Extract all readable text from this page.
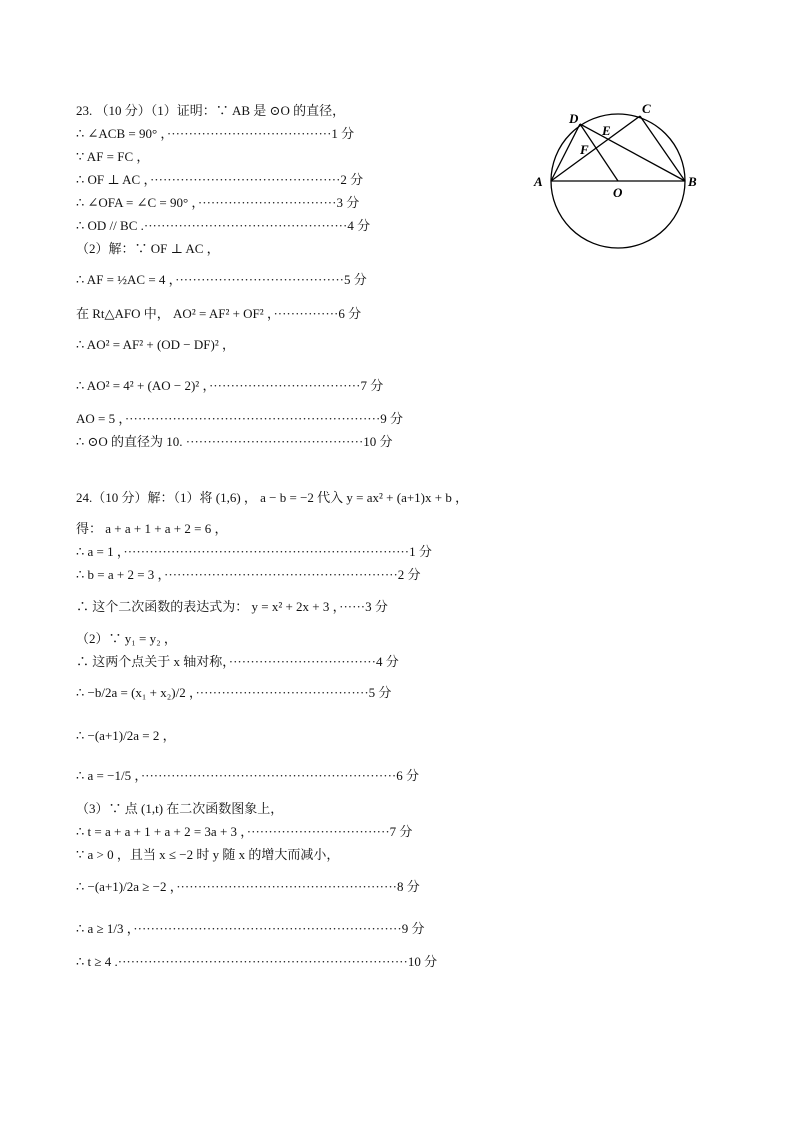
23. （10 分）（1）证明：∵ AB 是 ⊙O 的直径，
∴ ∠ACB = 90° ，······································1 分
∵ AF = FC ，
∴ OF ⊥ AC ，············································2 分
∴ ∠OFA = ∠C = 90° ，································3 分
∴ OD // BC .···············································4 分
（2）解：∵ OF ⊥ AC ，
∴ AF = ½AC = 4 ，·······································5 分
在 Rt△AFO 中， AO² = AF² + OF² ，···············6 分
∴ AO² = AF² + (OD − DF)² ，
∴ AO² = 4² + (AO − 2)² ，···································7 分
AO = 5 ，···························································9 分
∴ ⊙O 的直径为 10. ·········································10 分
A	B
C
D
E
F
O
24.（10 分）解：（1）将 (1,6) ， a − b = −2 代入 y = ax² + (a+1)x + b ，
得： a + a + 1 + a + 2 = 6 ，
∴ a = 1 ，··································································1 分
∴ b = a + 2 = 3 ，······················································2 分
∴ 这个二次函数的表达式为： y = x² + 2x + 3 ，······3 分
（2）∵ y₁ = y₂ ，
∴ 这两个点关于 x 轴对称，··································4 分
∴ −b/2a = (x₁ + x₂)/2 ，········································5 分
∴ −(a+1)/2a = 2 ，
∴ a = −1/5 ，···························································6 分
（3）∵ 点 (1,t) 在二次函数图象上，
∴ t = a + a + 1 + a + 2 = 3a + 3 ，·································7 分
∵ a > 0 ，且当 x ≤ −2 时 y 随 x 的增大而减小，
∴ −(a+1)/2a ≥ −2 ，···················································8 分
∴ a ≥ 1/3 ，······························································9 分
∴ t ≥ 4 .···································································10 分
